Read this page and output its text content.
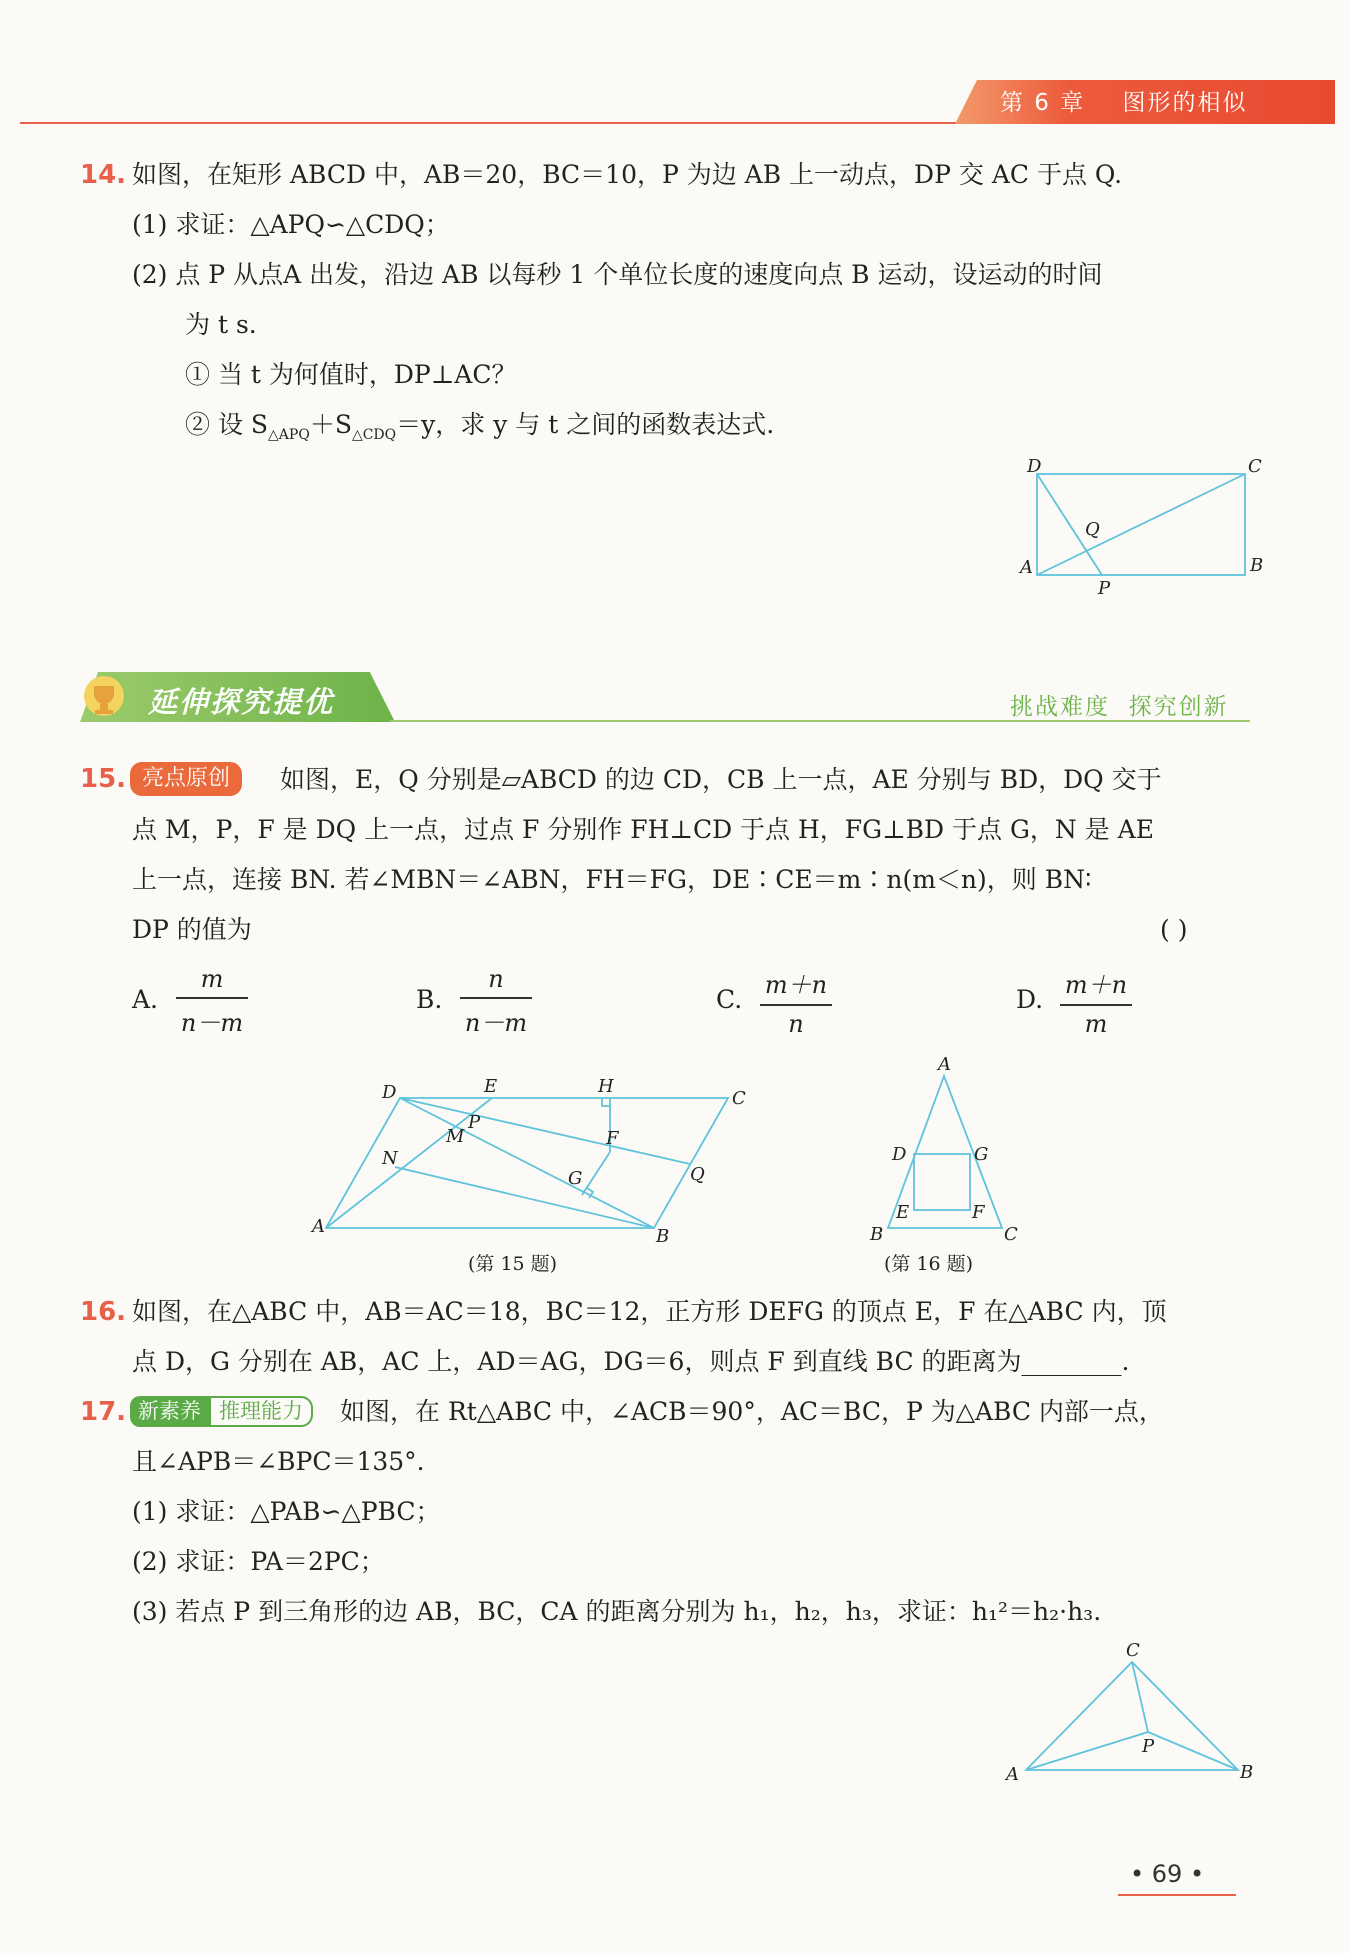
第 6 章    图形的相似
14. 如图，在矩形 ABCD 中，AB＝20，BC＝10，P 为边 AB 上一动点，DP 交 AC 于点 Q.
(1) 求证：△APQ∽△CDQ；
(2) 点 P 从点A 出发，沿边 AB 以每秒 1 个单位长度的速度向点 B 运动，设运动的时间
为 t s.
① 当 t 为何值时，DP⊥AC？
② 设 $S_{\triangle APQ}+S_{\triangle CDQ}=y$，求 y 与 t 之间的函数表达式.
D	C
Q
A
P
B
延伸探究提优	挑战难度  探究创新
15. 亮点原创	如图，E，Q 分别是▱ABCD 的边 CD，CB 上一点，AE 分别与 BD，DQ 交于
点 M，P，F 是 DQ 上一点，过点 F 分别作 FH⊥CD 于点 H，FG⊥BD 于点 G，N 是 AE
上一点，连接 BN. 若∠MBN＝∠ABN，FH＝FG，DE∶CE＝m∶n(m＜n)，则 BN∶
DP 的值为	( )
A.
m
n－m
B.
n
n－m
C. m＋n
n
D. m＋n
m
D	E	H
C
P
M	F
N
G	Q
A	B
(第 15 题)
A
D	G
E	F
B	C
(第 16 题)
16. 如图，在△ABC 中，AB＝AC＝18，BC＝12，正方形 DEFG 的顶点 E，F 在△ABC 内，顶
点 D，G 分别在 AB，AC 上，AD＝AG，DG＝6，则点 F 到直线 BC 的距离为________.
17. 新素养 推理能力	如图，在 Rt△ABC 中，∠ACB＝90°，AC＝BC，P 为△ABC 内部一点，
且∠APB＝∠BPC＝135°.
(1) 求证：△PAB∽△PBC；
(2) 求证：PA＝2PC；
(3) 若点 P 到三角形的边 AB，BC，CA 的距离分别为 h₁，h₂，h₃，求证：h₁²＝h₂·h₃.
C
P
A	B
• 69 •
